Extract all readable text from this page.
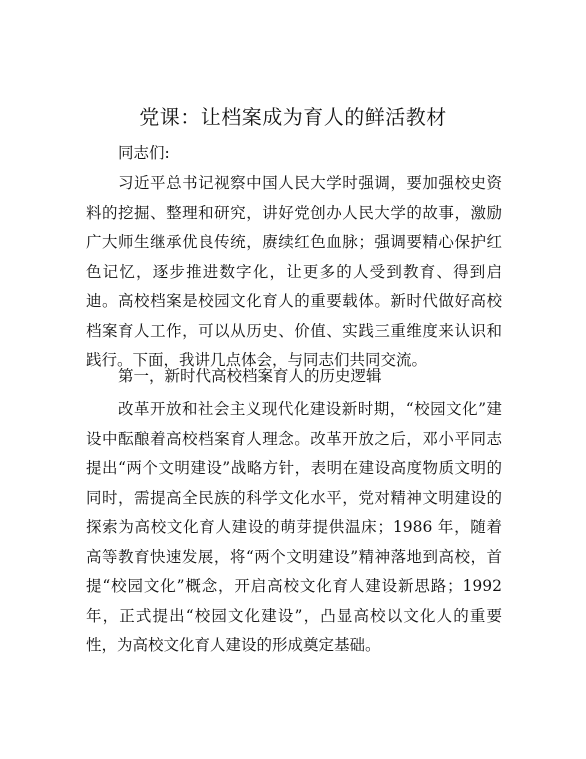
党课：让档案成为育人的鲜活教材

同志们:

习近平总书记视察中国人民大学时强调，要加强校史资料的挖掘、整理和研究，讲好党创办人民大学的故事，激励广大师生继承优良传统，赓续红色血脉；强调要精心保护红色记忆，逐步推进数字化，让更多的人受到教育、得到启迪。高校档案是校园文化育人的重要载体。新时代做好高校档案育人工作，可以从历史、价值、实践三重维度来认识和践行。下面，我讲几点体会，与同志们共同交流。

第一，新时代高校档案育人的历史逻辑

改革开放和社会主义现代化建设新时期，“校园文化”建设中酝酿着高校档案育人理念。改革开放之后，邓小平同志提出“两个文明建设”战略方针，表明在建设高度物质文明的同时，需提高全民族的科学文化水平，党对精神文明建设的探索为高校文化育人建设的萌芽提供温床；1986 年，随着高等教育快速发展，将“两个文明建设”精神落地到高校，首提“校园文化”概念，开启高校文化育人建设新思路；1992 年，正式提出“校园文化建设”，凸显高校以文化人的重要性，为高校文化育人建设的形成奠定基础。
